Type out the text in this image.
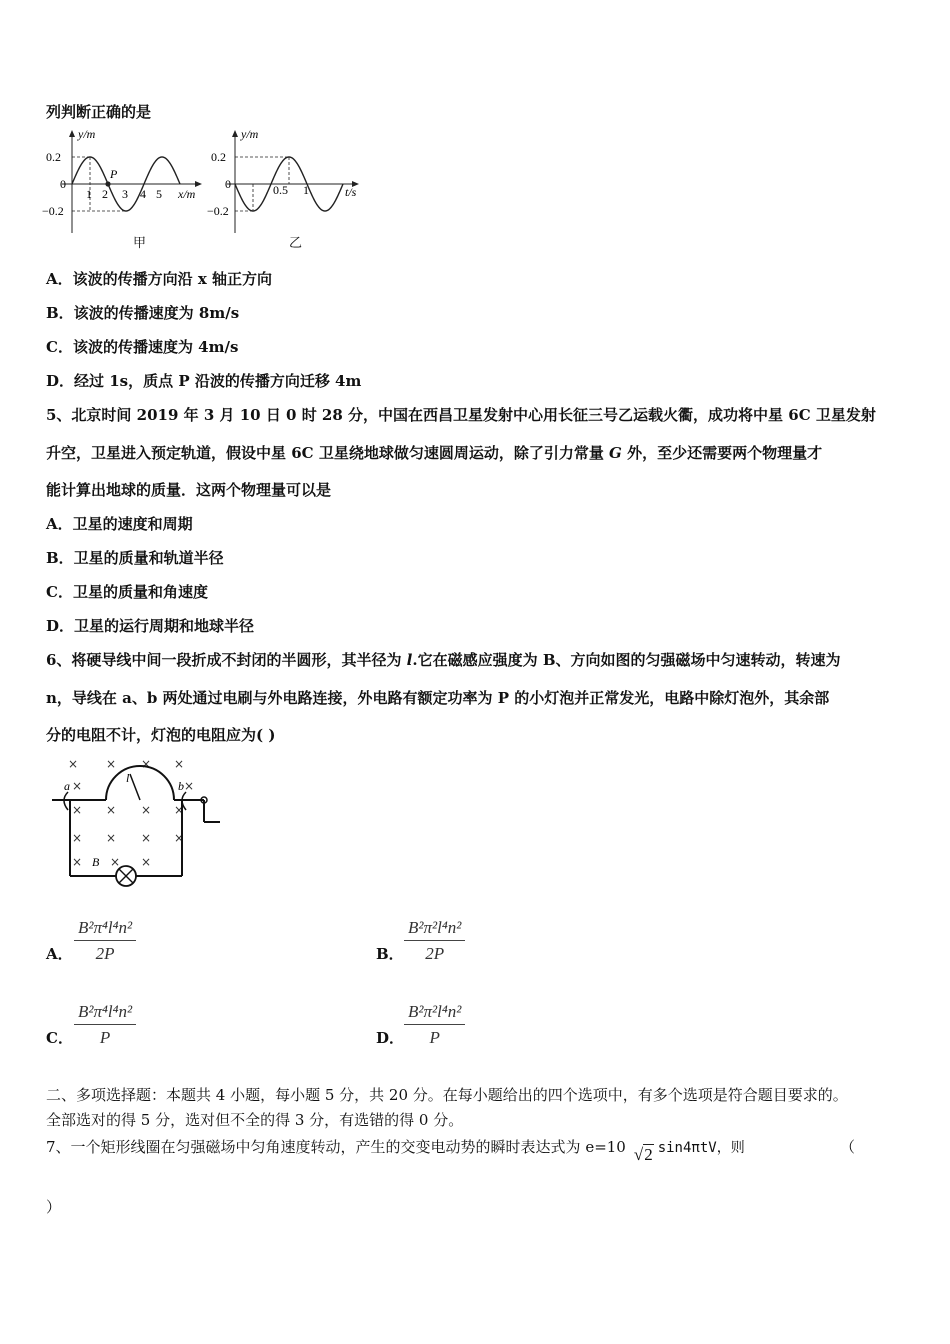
列判断正确的是
y/m
0.2
0
−0.2
1 2 3 4 5 x/m
P
甲
y/m
0.2
0
−0.2
0.5 1	t/s
乙
A．该波的传播方向沿 x 轴正方向
B．该波的传播速度为 8m/s
C．该波的传播速度为 4m/s
D．经过 1s，质点 P 沿波的传播方向迁移 4m
5、北京时间 2019 年 3 月 10 日 0 时 28 分，中国在西昌卫星发射中心用长征三号乙运载火衢，成功将中星 6C 卫星发射
升空，卫星进入预定轨道，假设中星 6C 卫星绕地球做匀速圆周运动，除了引力常量 G 外，至少还需要两个物理量才
能计算出地球的质量．这两个物理量可以是
A．卫星的速度和周期
B．卫星的质量和轨道半径
C．卫星的质量和角速度
D．卫星的运行周期和地球半径
6、将硬导线中间一段折成不封闭的半圆形，其半径为 l.它在磁感应强度为 B、方向如图的匀强磁场中匀速转动，转速为
n，导线在 a、b 两处通过电刷与外电路连接，外电路有额定功率为 P 的小灯泡并正常发光，电路中除灯泡外，其余部
分的电阻不计，灯泡的电阻应为( )
× × × ×
×	×
× × × ×
× × × ×
× × ×
a	b
B
l
A． $\frac{\text{B²π⁴l⁴n²}}{2P}$	B． $\frac{\text{B²π²l⁴n²}}{2P}$
C． $\frac{\text{B²π⁴l⁴n²}}{P}$	D． $\frac{\text{B²π²l⁴n²}}{P}$
二、多项选择题：本题共 4 小题，每小题 5 分，共 20 分。在每小题给出的四个选项中，有多个选项是符合题目要求的。
全部选对的得 5 分，选对但不全的得 3 分，有选错的得 0 分。
7、一个矩形线圈在匀强磁场中匀角速度转动，产生的交变电动势的瞬时表达式为 e=10 √2 sin4πtV，则	（
）
